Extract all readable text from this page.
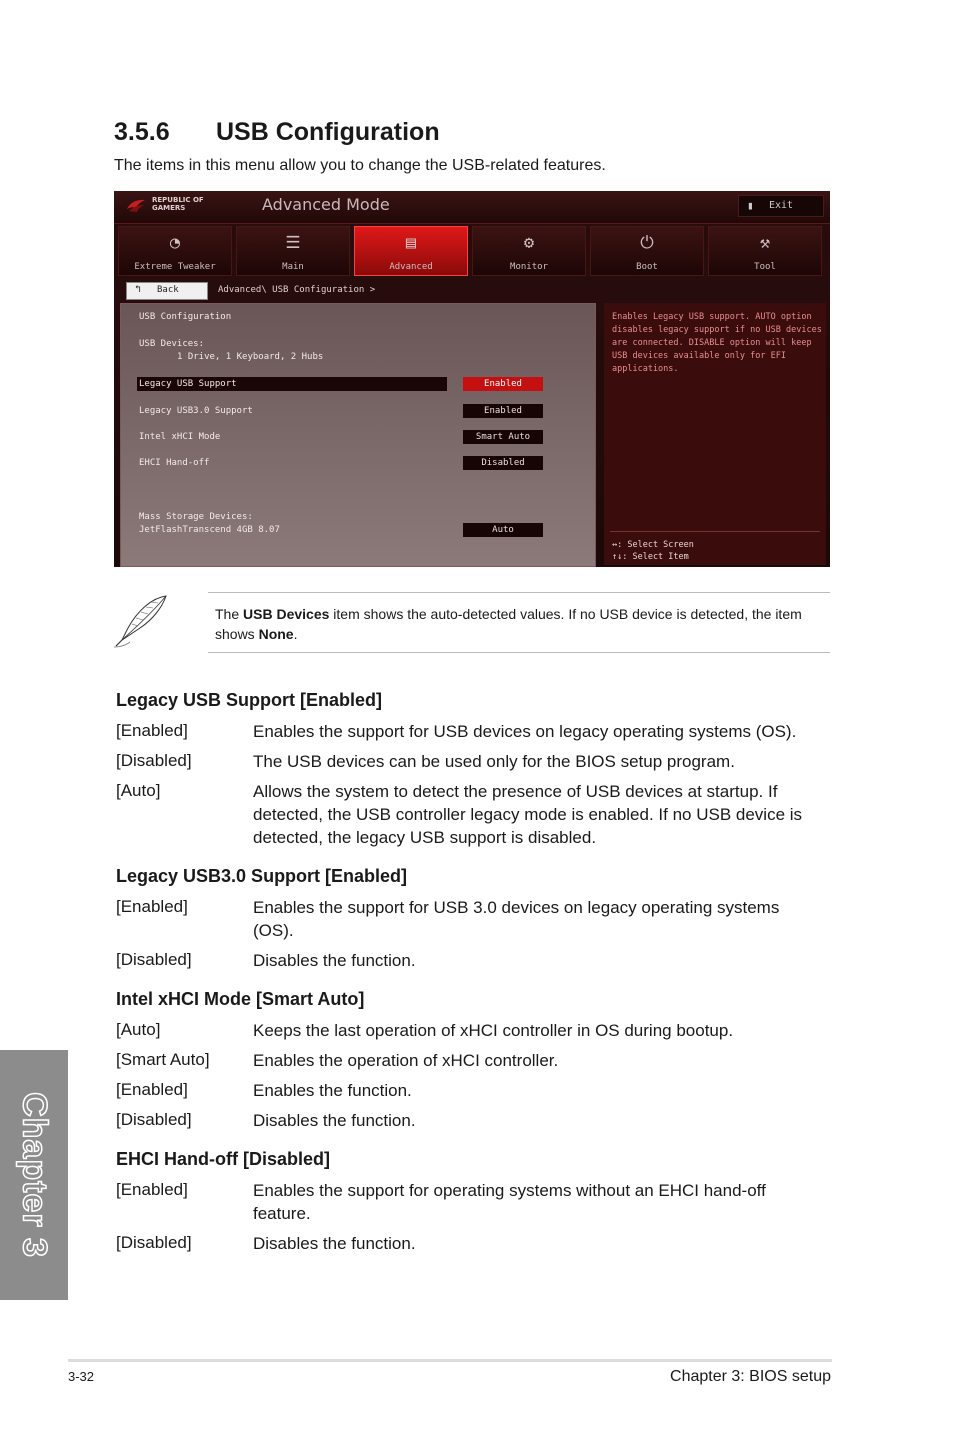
Chapter 3
3.5.6 USB Configuration
The items in this menu allow you to change the USB-related features.
REPUBLIC OF GAMERS	Advanced Mode	▮ Exit
◔
Extreme Tweaker
☰
Main
▤
Advanced
⚙
Monitor
⏻
Boot
⚒
Tool
↰ Back	Advanced\ USB Configuration >
USB Configuration
USB Devices:
1 Drive, 1 Keyboard, 2 Hubs
Legacy USB Support	Enabled
Legacy USB3.0 Support	Enabled
Intel xHCI Mode	Smart Auto
EHCI Hand-off	Disabled
Mass Storage Devices:
JetFlashTranscend 4GB 8.07	Auto
Enables Legacy USB support. AUTO option disables legacy support if no USB devices are connected. DISABLE option will keep USB devices available only for EFI applications.
↔: Select Screen
↑↓: Select Item
The USB Devices item shows the auto-detected values. If no USB device is detected, the item shows None.
Legacy USB Support [Enabled]
[Enabled]	Enables the support for USB devices on legacy operating systems (OS).
[Disabled]	The USB devices can be used only for the BIOS setup program.
[Auto]	Allows the system to detect the presence of USB devices at startup. If detected, the USB controller legacy mode is enabled. If no USB device is detected, the legacy USB support is disabled.
Legacy USB3.0 Support [Enabled]
[Enabled]	Enables the support for USB 3.0 devices on legacy operating systems (OS).
[Disabled]	Disables the function.
Intel xHCI Mode [Smart Auto]
[Auto]	Keeps the last operation of xHCI controller in OS during bootup.
[Smart Auto]	Enables the operation of xHCI controller.
[Enabled]	Enables the function.
[Disabled]	Disables the function.
EHCI Hand-off [Disabled]
[Enabled]	Enables the support for operating systems without an EHCI hand-off feature.
[Disabled]	Disables the function.
3-32	Chapter 3: BIOS setup
